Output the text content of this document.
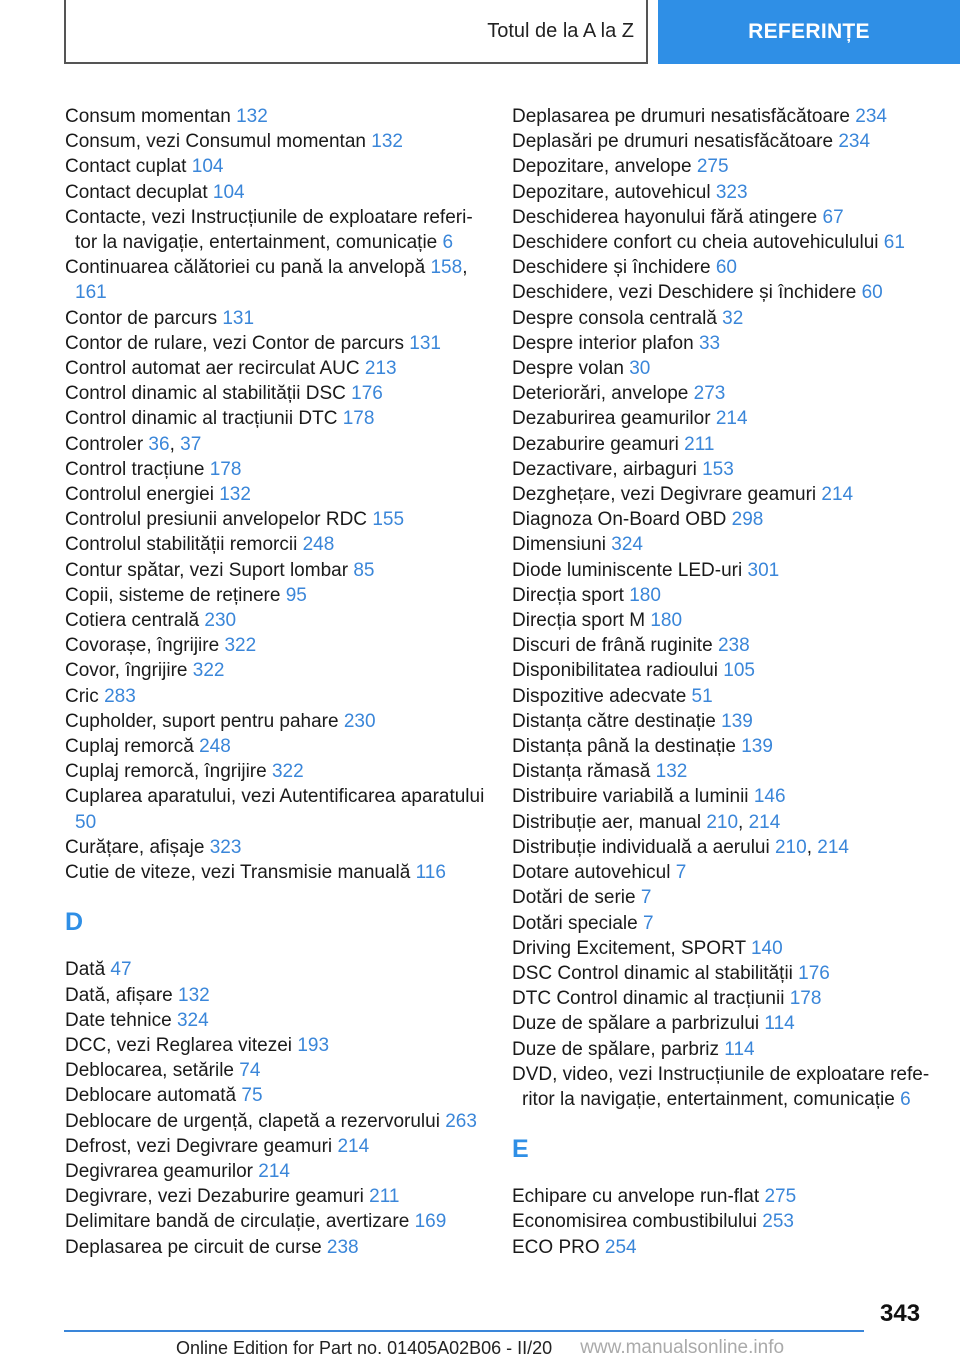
Totul de la A la Z	REFERINȚE
Consum momentan 132
Consum, vezi Consumul momentan 132
Contact cuplat 104
Contact decuplat 104
Contacte, vezi Instrucțiunile de exploatare referitor la navigație, entertainment, comunicație 6
Continuarea călătoriei cu pană la anvelopă 158, 161
Contor de parcurs 131
Contor de rulare, vezi Contor de parcurs 131
Control automat aer recirculat AUC 213
Control dinamic al stabilității DSC 176
Control dinamic al tracțiunii DTC 178
Controler 36, 37
Control tracțiune 178
Controlul energiei 132
Controlul presiunii anvelopelor RDC 155
Controlul stabilității remorcii 248
Contur spătar, vezi Suport lombar 85
Copii, sisteme de reținere 95
Cotiera centrală 230
Covorașe, îngrijire 322
Covor, îngrijire 322
Cric 283
Cupholder, suport pentru pahare 230
Cuplaj remorcă 248
Cuplaj remorcă, îngrijire 322
Cuplarea aparatului, vezi Autentificarea aparatului 50
Curățare, afișaje 323
Cutie de viteze, vezi Transmisie manuală 116
D
Dată 47
Dată, afișare 132
Date tehnice 324
DCC, vezi Reglarea vitezei 193
Deblocarea, setările 74
Deblocare automată 75
Deblocare de urgență, clapetă a rezervorului 263
Defrost, vezi Degivrare geamuri 214
Degivrarea geamurilor 214
Degivrare, vezi Dezaburire geamuri 211
Delimitare bandă de circulație, avertizare 169
Deplasarea pe circuit de curse 238
Deplasarea pe drumuri nesatisfăcătoare 234
Deplasări pe drumuri nesatisfăcătoare 234
Depozitare, anvelope 275
Depozitare, autovehicul 323
Deschiderea hayonului fără atingere 67
Deschidere confort cu cheia autovehiculului 61
Deschidere și închidere 60
Deschidere, vezi Deschidere și închidere 60
Despre consola centrală 32
Despre interior plafon 33
Despre volan 30
Deteriorări, anvelope 273
Dezaburirea geamurilor 214
Dezaburire geamuri 211
Dezactivare, airbaguri 153
Dezghețare, vezi Degivrare geamuri 214
Diagnoza On-Board OBD 298
Dimensiuni 324
Diode luminiscente LED-uri 301
Direcția sport 180
Direcția sport M 180
Discuri de frână ruginite 238
Disponibilitatea radioului 105
Dispozitive adecvate 51
Distanța către destinație 139
Distanța până la destinație 139
Distanța rămasă 132
Distribuire variabilă a luminii 146
Distribuție aer, manual 210, 214
Distribuție individuală a aerului 210, 214
Dotare autovehicul 7
Dotări de serie 7
Dotări speciale 7
Driving Excitement, SPORT 140
DSC Control dinamic al stabilității 176
DTC Control dinamic al tracțiunii 178
Duze de spălare a parbrizului 114
Duze de spălare, parbriz 114
DVD, video, vezi Instrucțiunile de exploatare referitor la navigație, entertainment, comunicație 6
E
Echipare cu anvelope run-flat 275
Economisirea combustibilului 253
ECO PRO 254
343
Online Edition for Part no. 01405A02B06 - II/20 www.manualsonline.info
